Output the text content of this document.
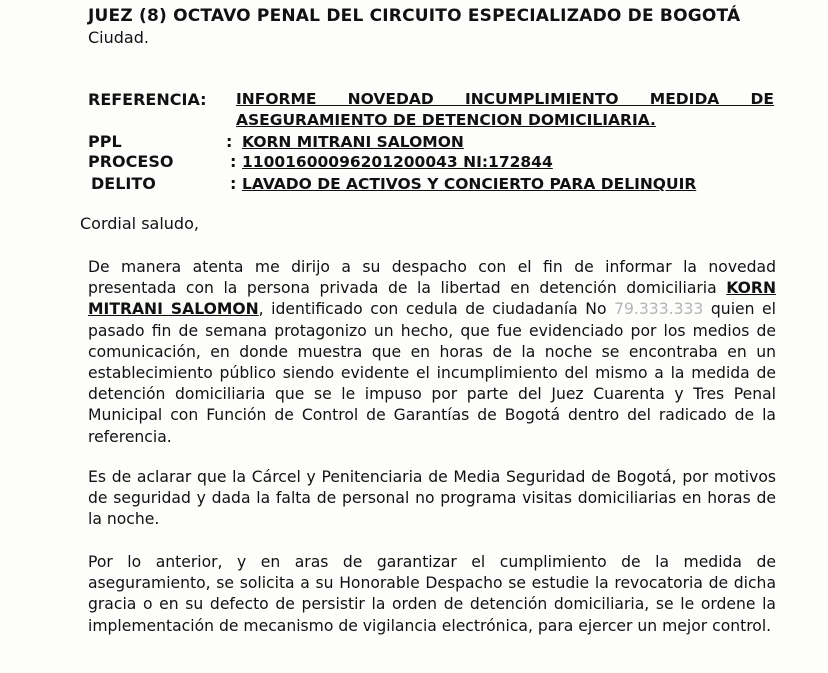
JUEZ (8) OCTAVO PENAL DEL CIRCUITO ESPECIALIZADO DE BOGOTÁ
Ciudad.
REFERENCIA: INFORME NOVEDAD INCUMPLIMIENTO MEDIDA DE
ASEGURAMIENTO DE DETENCION DOMICILIARIA.
PPL	: KORN MITRANI SALOMON
PROCESO	: 11001600096201200043 NI:172844
DELITO	: LAVADO DE ACTIVOS Y CONCIERTO PARA DELINQUIR
Cordial saludo,
De manera atenta me dirijo a su despacho con el fin de informar la novedad presentada con la persona privada de la libertad en detención domiciliaria KORN MITRANI SALOMON, identificado con cedula de ciudadanía No 79.333.333 quien el pasado fin de semana protagonizo un hecho, que fue evidenciado por los medios de comunicación, en donde muestra que en horas de la noche se encontraba en un establecimiento público siendo evidente el incumplimiento del mismo a la medida de detención domiciliaria que se le impuso por parte del Juez Cuarenta y Tres Penal Municipal con Función de Control de Garantías de Bogotá dentro del radicado de la referencia.
Es de aclarar que la Cárcel y Penitenciaria de Media Seguridad de Bogotá, por motivos de seguridad y dada la falta de personal no programa visitas domiciliarias en horas de la noche.
Por lo anterior, y en aras de garantizar el cumplimiento de la medida de aseguramiento, se solicita a su Honorable Despacho se estudie la revocatoria de dicha gracia o en su defecto de persistir la orden de detención domiciliaria, se le ordene la implementación de mecanismo de vigilancia electrónica, para ejercer un mejor control.
